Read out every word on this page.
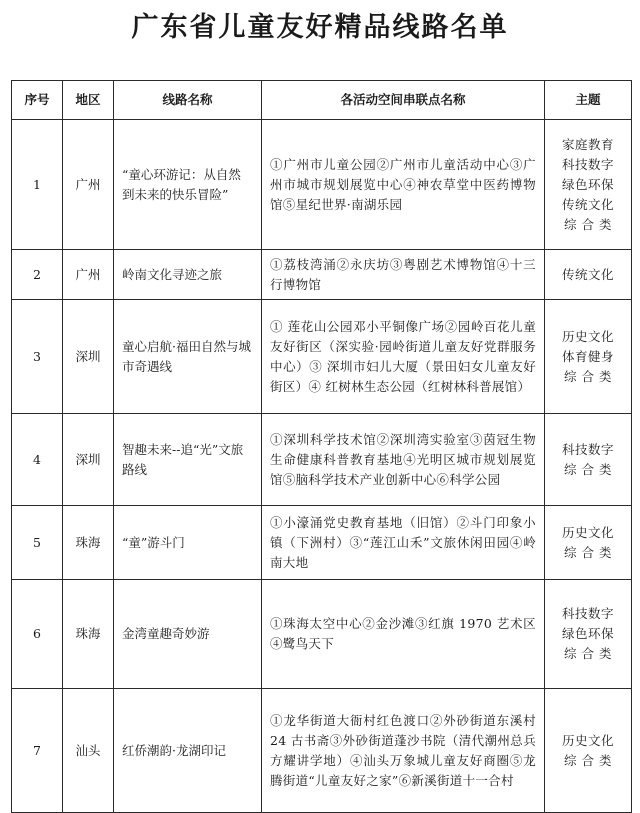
广东省儿童友好精品线路名单
序号	地区	线路名称	各活动空间串联点名称	主题
1	广州	“童心环游记：从自然到未来的快乐冒险”	①广州市儿童公园②广州市儿童活动中心③广州市城市规划展览中心④神农草堂中医药博物馆⑤星纪世界·南湖乐园	家庭教育
科技数字
绿色环保
传统文化
综 合 类

2	广州	岭南文化寻迹之旅	①荔枝湾涌②永庆坊③粤剧艺术博物馆④十三行博物馆	传统文化

3	深圳	童心启航·福田自然与城市奇遇线	① 莲花山公园邓小平铜像广场②园岭百花儿童友好街区（深实验·园岭街道儿童友好党群服务中心）③ 深圳市妇儿大厦（景田妇女儿童友好街区）④ 红树林生态公园（红树林科普展馆）	历史文化
体育健身
综 合 类

4	深圳	智趣未来--追“光”文旅路线	①深圳科学技术馆②深圳湾实验室③茵冠生物生命健康科普教育基地④光明区城市规划展览馆⑤脑科学技术产业创新中心⑥科学公园	科技数字
综 合 类

5	珠海	“童”游斗门	①小濠涌党史教育基地（旧馆）②斗门印象小镇（下洲村）③“莲江山禾”文旅休闲田园④岭南大地	历史文化
综 合 类

6	珠海	金湾童趣奇妙游	①珠海太空中心②金沙滩③红旗 1970 艺术区④鹭鸟天下	科技数字
绿色环保
综 合 类

7	汕头	红侨潮韵·龙湖印记	①龙华街道大衙村红色渡口②外砂街道东溪村 24 古书斋③外砂街道蓬沙书院（清代潮州总兵方耀讲学地）④汕头万象城儿童友好商圈⑤龙腾街道“儿童友好之家”⑥新溪街道十一合村	历史文化
综 合 类
